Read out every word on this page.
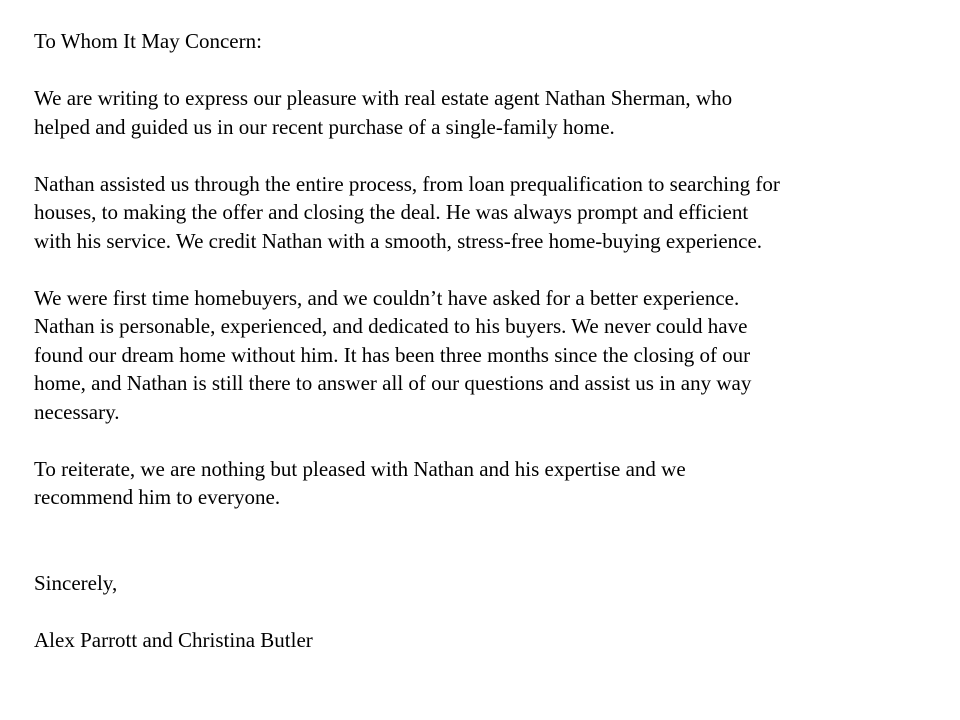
To Whom It May Concern:

We are writing to express our pleasure with real estate agent Nathan Sherman, who
helped and guided us in our recent purchase of a single-family home.

Nathan assisted us through the entire process, from loan prequalification to searching for
houses, to making the offer and closing the deal. He was always prompt and efficient
with his service. We credit Nathan with a smooth, stress-free home-buying experience.

We were first time homebuyers, and we couldn’t have asked for a better experience.
Nathan is personable, experienced, and dedicated to his buyers. We never could have
found our dream home without him. It has been three months since the closing of our
home, and Nathan is still there to answer all of our questions and assist us in any way
necessary.

To reiterate, we are nothing but pleased with Nathan and his expertise and we
recommend him to everyone.

Sincerely,

Alex Parrott and Christina Butler
